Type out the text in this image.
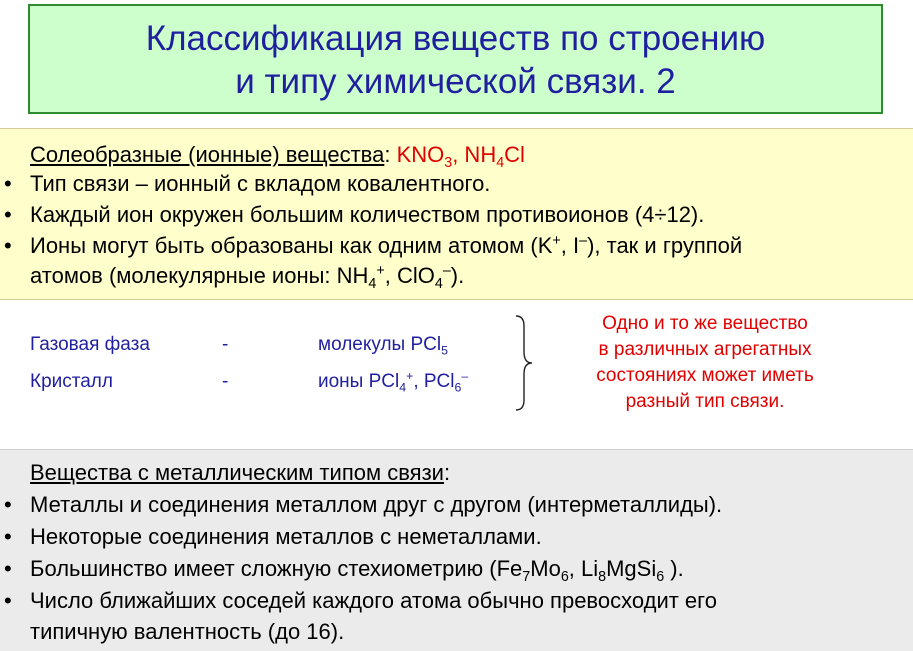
Классификация веществ по строению
и типу химической связи. 2
Солеобразные (ионные) вещества: $KNO_3$, $NH_4Cl$
• Тип связи – ионный с вкладом ковалентного.
• Каждый ион окружен большим количеством противоионов (4÷12).
• Ионы могут быть образованы как одним атомом (K+, I–), так и группой
атомов (молекулярные ионы: $NH_4^+$, ClO$_4$–).
Газовая фаза	-	молекулы PCl$_5$
Кристалл	-	ионы PCl$_4$+, PCl$_6$–
Одно и то же вещество
в различных агрегатных
состояниях может иметь
разный тип связи.
Вещества с металлическим типом связи:
• Металлы и соединения металлом друг с другом (интерметаллиды).
• Некоторые соединения металлов с неметаллами.
• Большинство имеет сложную стехиометрию ($Fe_7Mo_6$, $Li_8MgSi_6$ ).
• Число ближайших соседей каждого атома обычно превосходит его
типичную валентность (до 16).
